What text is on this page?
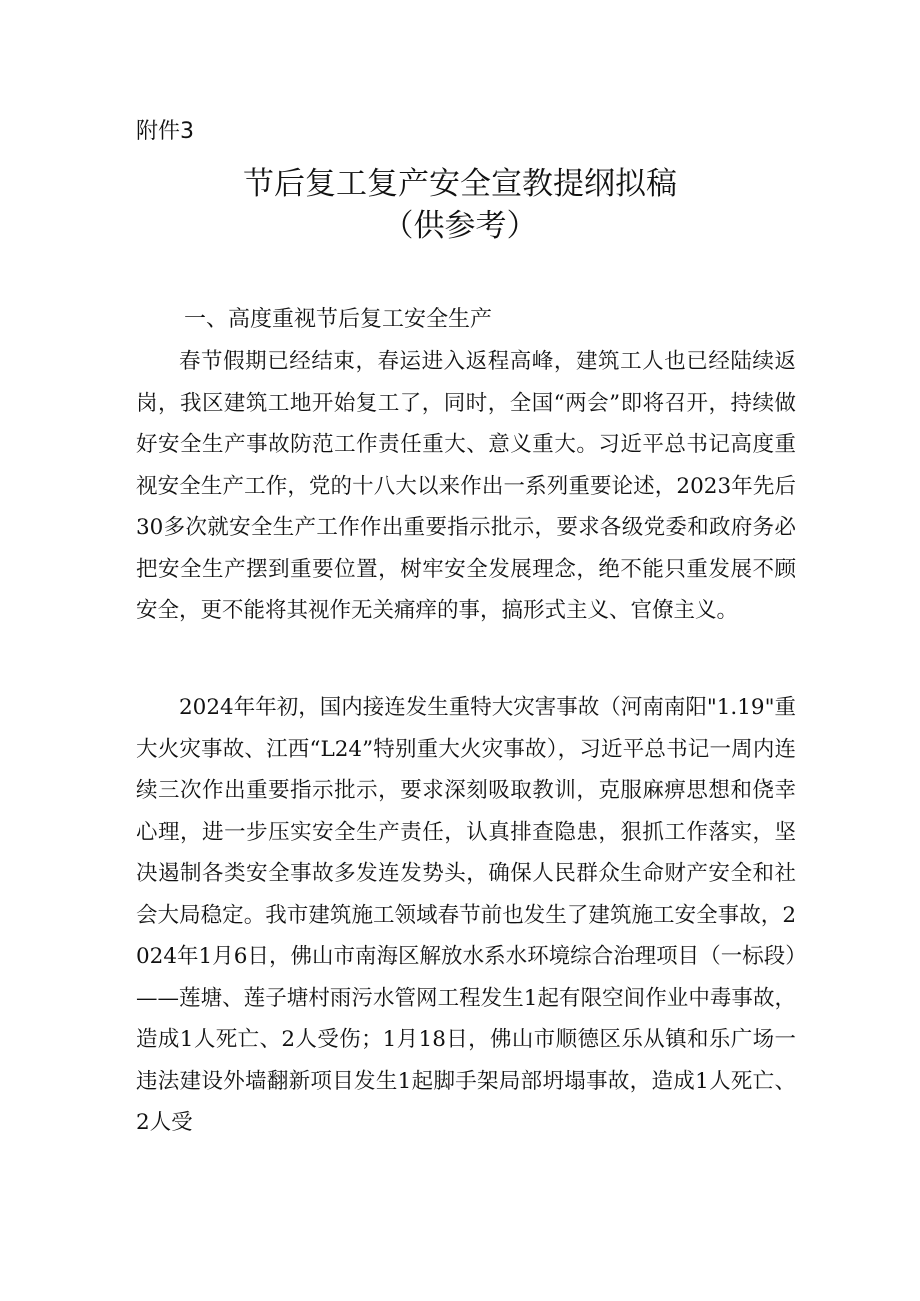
附件3
节后复工复产安全宣教提纲拟稿
（供参考）
一、高度重视节后复工安全生产

春节假期已经结束，春运进入返程高峰，建筑工人也已经陆续返岗，我区建筑工地开始复工了，同时，全国“两会”即将召开，持续做好安全生产事故防范工作责任重大、意义重大。习近平总书记高度重视安全生产工作，党的十八大以来作出一系列重要论述，2023年先后30多次就安全生产工作作出重要指示批示，要求各级党委和政府务必把安全生产摆到重要位置，树牢安全发展理念，绝不能只重发展不顾安全，更不能将其视作无关痛痒的事，搞形式主义、官僚主义。

2024年年初，国内接连发生重特大灾害事故（河南南阳"1.19"重大火灾事故、江西“L24”特别重大火灾事故），习近平总书记一周内连续三次作出重要指示批示，要求深刻吸取教训，克服麻痹思想和侥幸心理，进一步压实安全生产责任，认真排查隐患，狠抓工作落实，坚决遏制各类安全事故多发连发势头，确保人民群众生命财产安全和社会大局稳定。我市建筑施工领域春节前也发生了建筑施工安全事故，2024年1月6日，佛山市南海区解放水系水环境综合治理项目（一标段）——莲塘、莲子塘村雨污水管网工程发生1起有限空间作业中毒事故，造成1人死亡、2人受伤；1月18日，佛山市顺德区乐从镇和乐广场一违法建设外墙翻新项目发生1起脚手架局部坍塌事故，造成1人死亡、2人受
